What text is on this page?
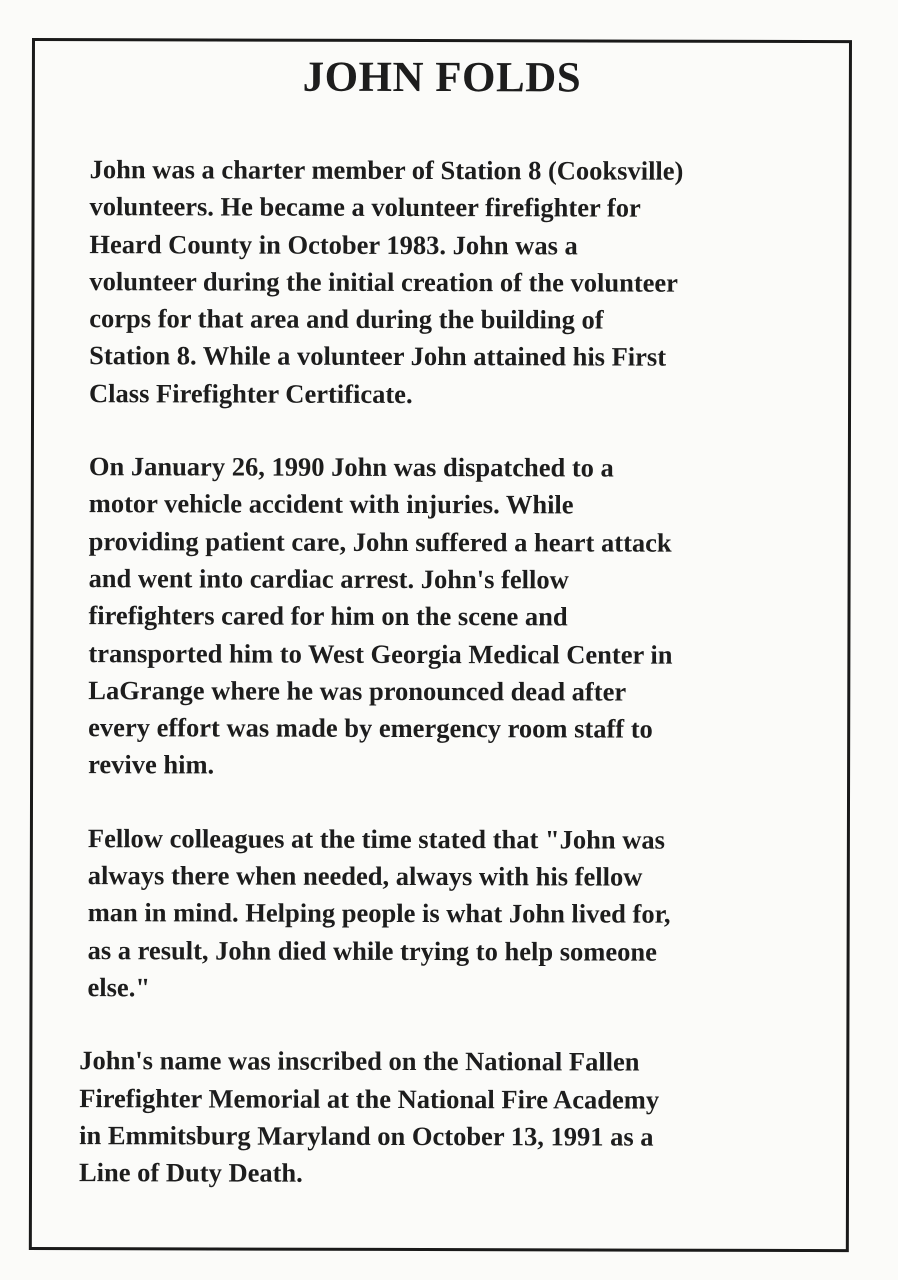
JOHN FOLDS

John was a charter member of Station 8 (Cooksville)
volunteers. He became a volunteer firefighter for
Heard County in October 1983. John was a
volunteer during the initial creation of the volunteer
corps for that area and during the building of
Station 8. While a volunteer John attained his First
Class Firefighter Certificate.

On January 26, 1990 John was dispatched to a
motor vehicle accident with injuries. While
providing patient care, John suffered a heart attack
and went into cardiac arrest. John's fellow
firefighters cared for him on the scene and
transported him to West Georgia Medical Center in
LaGrange where he was pronounced dead after
every effort was made by emergency room staff to
revive him.

Fellow colleagues at the time stated that "John was
always there when needed, always with his fellow
man in mind. Helping people is what John lived for,
as a result, John died while trying to help someone
else."

John's name was inscribed on the National Fallen
Firefighter Memorial at the National Fire Academy
in Emmitsburg Maryland on October 13, 1991 as a
Line of Duty Death.
